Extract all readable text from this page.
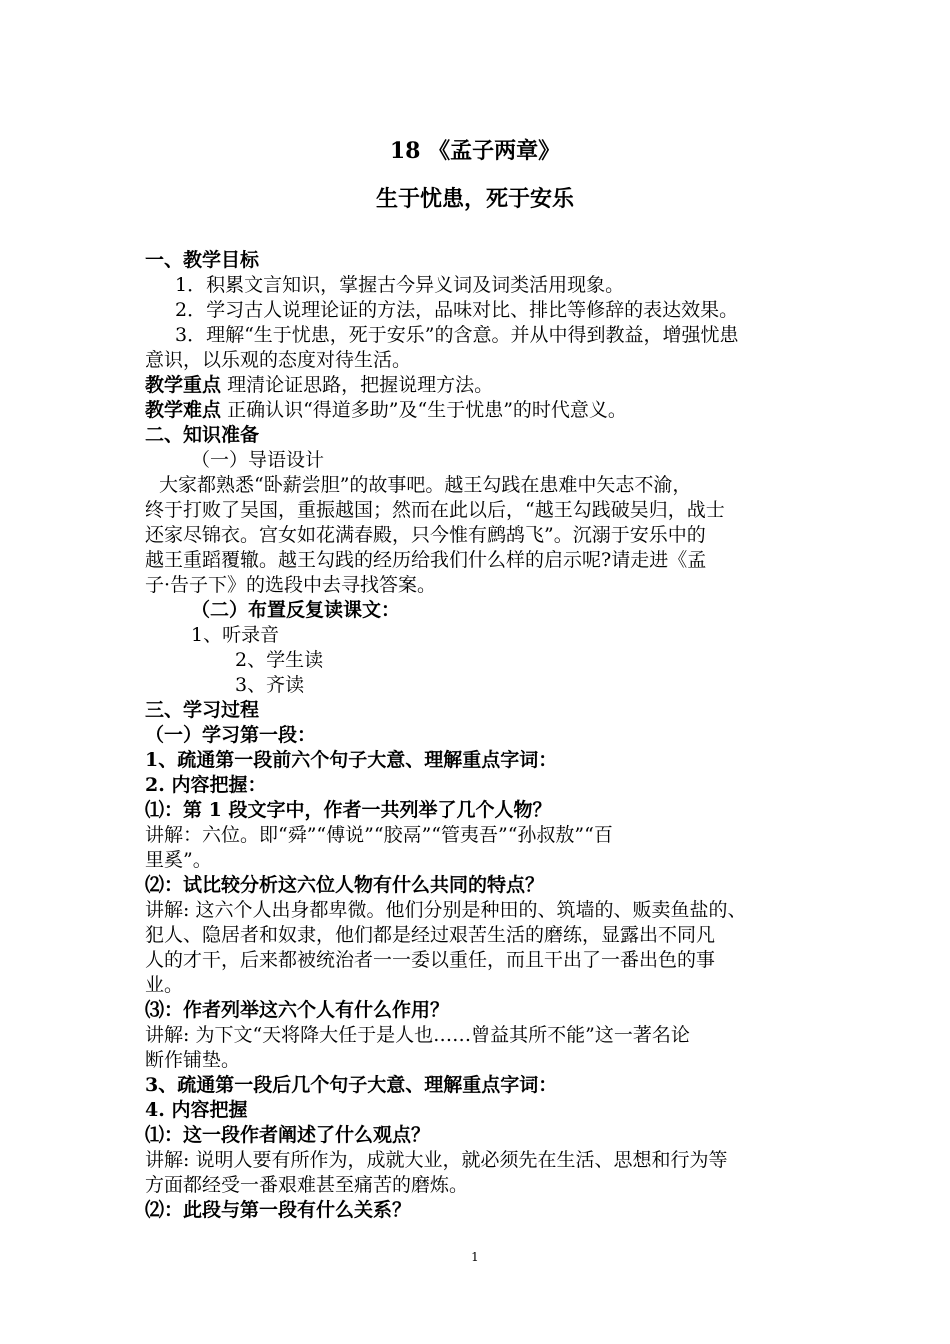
18 《孟子两章》
生于忧患，死于安乐

一、教学目标

1．积累文言知识，掌握古今异义词及词类活用现象。

2．学习古人说理论证的方法，品味对比、排比等修辞的表达效果。

3．理解“生于忧患，死于安乐”的含意。并从中得到教益，增强忧患

意识，以乐观的态度对待生活。

教学重点 理清论证思路，把握说理方法。

教学难点 正确认识“得道多助”及“生于忧患”的时代意义。

二、知识准备

（一）导语设计

大家都熟悉“卧薪尝胆”的故事吧。越王勾践在患难中矢志不渝，

终于打败了吴国，重振越国；然而在此以后，“越王勾践破吴归，战士

还家尽锦衣。宫女如花满春殿，只今惟有鹧鸪飞”。沉溺于安乐中的

越王重蹈覆辙。越王勾践的经历给我们什么样的启示呢?请走进《孟

子·告子下》的选段中去寻找答案。

（二）布置反复读课文：

1、听录音

2、学生读

3、齐读

三、学习过程

（一）学习第一段：

1、疏通第一段前六个句子大意、理解重点字词：

2. 内容把握：

⑴：第 1 段文字中，作者一共列举了几个人物？

讲解：六位。即“舜”“傅说”“胶鬲”“管夷吾”“孙叔敖”“百

里奚”。

⑵：试比较分析这六位人物有什么共同的特点？

讲解: 这六个人出身都卑微。他们分别是种田的、筑墙的、贩卖鱼盐的、

犯人、隐居者和奴隶，他们都是经过艰苦生活的磨练，显露出不同凡

人的才干，后来都被统治者一一委以重任，而且干出了一番出色的事

业。

⑶：作者列举这六个人有什么作用？

讲解: 为下文“天将降大任于是人也……曾益其所不能”这一著名论

断作铺垫。

3、疏通第一段后几个句子大意、理解重点字词：

4. 内容把握

⑴：这一段作者阐述了什么观点？

讲解: 说明人要有所作为，成就大业，就必须先在生活、思想和行为等

方面都经受一番艰难甚至痛苦的磨炼。

⑵：此段与第一段有什么关系？

1
